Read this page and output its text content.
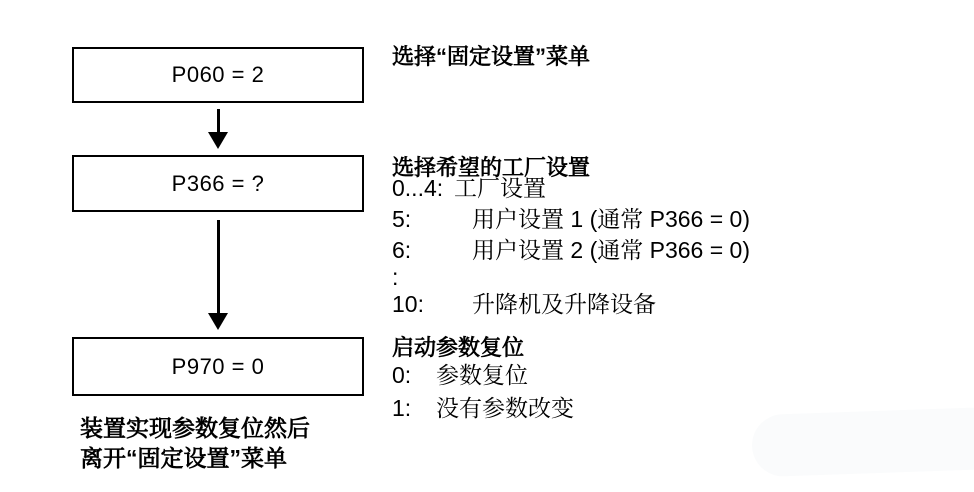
P060 = 2
P366 = ?
P970 = 0
装置实现参数复位然后
离开“固定设置”菜单
选择“固定设置”菜单
选择希望的工厂设置
0...4: 工厂设置
5:	用户设置 1 (通常 P366 = 0)
6:	用户设置 2 (通常 P366 = 0)
:
10:	升降机及升降设备
启动参数复位
0:	参数复位
1:	没有参数改变
